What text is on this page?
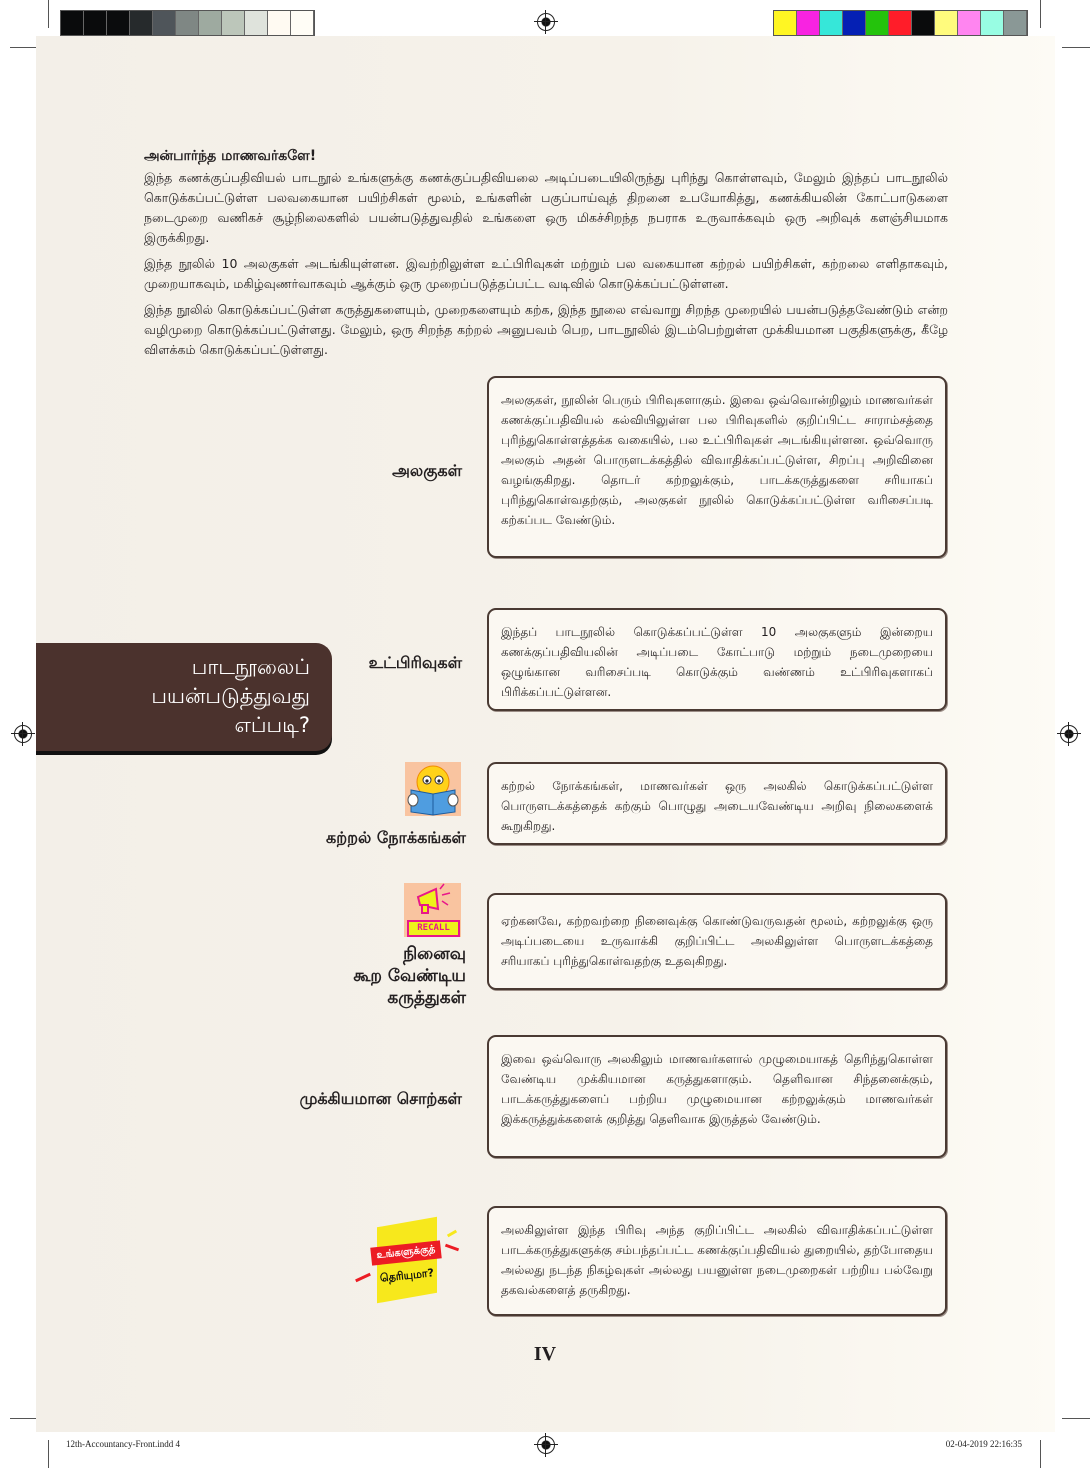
அன்பார்ந்த மாணவர்களே!

இந்த கணக்குப்பதிவியல் பாடநூல் உங்களுக்கு கணக்குப்பதிவியலை அடிப்படையிலிருந்து புரிந்து கொள்ளவும், மேலும் இந்தப் பாடநூலில் கொடுக்கப்பட்டுள்ள பலவகையான பயிற்சிகள் மூலம், உங்களின் பகுப்பாய்வுத் திறனை உபயோகித்து, கணக்கியலின் கோட்பாடுகளை நடைமுறை வணிகச் சூழ்நிலைகளில் பயன்படுத்துவதில் உங்களை ஒரு மிகச்சிறந்த நபராக உருவாக்கவும் ஒரு அறிவுக் களஞ்சியமாக இருக்கிறது.

இந்த நூலில் 10 அலகுகள் அடங்கியுள்ளன. இவற்றிலுள்ள உட்பிரிவுகள் மற்றும் பல வகையான கற்றல் பயிற்சிகள், கற்றலை எளிதாகவும், முறையாகவும், மகிழ்வுணர்வாகவும் ஆக்கும் ஒரு முறைப்படுத்தப்பட்ட வடிவில் கொடுக்கப்பட்டுள்ளன.

இந்த நூலில் கொடுக்கப்பட்டுள்ள கருத்துகளையும், முறைகளையும் கற்க, இந்த நூலை எவ்வாறு சிறந்த முறையில் பயன்படுத்தவேண்டும் என்ற வழிமுறை கொடுக்கப்பட்டுள்ளது. மேலும், ஒரு சிறந்த கற்றல் அனுபவம் பெற, பாடநூலில் இடம்பெற்றுள்ள முக்கியமான பகுதிகளுக்கு, கீழே விளக்கம் கொடுக்கப்பட்டுள்ளது.

பாடநூலைப்
பயன்படுத்துவது
எப்படி?
அலகுகள்
அலகுகள், நூலின் பெரும் பிரிவுகளாகும். இவை ஒவ்வொன்றிலும் மாணவர்கள் கணக்குப்பதிவியல் கல்வியிலுள்ள பல பிரிவுகளில் குறிப்பிட்ட சாராம்சத்தை புரிந்துகொள்ளத்தக்க வகையில், பல உட்பிரிவுகள் அடங்கியுள்ளன. ஒவ்வொரு அலகும் அதன் பொருளடக்கத்தில் விவாதிக்கப்பட்டுள்ள, சிறப்பு அறிவினை வழங்குகிறது. தொடர் கற்றலுக்கும், பாடக்கருத்துகளை சரியாகப் புரிந்துகொள்வதற்கும், அலகுகள் நூலில் கொடுக்கப்பட்டுள்ள வரிசைப்படி கற்கப்பட வேண்டும்.
உட்பிரிவுகள்
இந்தப் பாடநூலில் கொடுக்கப்பட்டுள்ள 10 அலகுகளும் இன்றைய கணக்குப்பதிவியலின் அடிப்படை கோட்பாடு மற்றும் நடைமுறையை ஒழுங்கான வரிசைப்படி கொடுக்கும் வண்ணம் உட்பிரிவுகளாகப் பிரிக்கப்பட்டுள்ளன.
கற்றல் நோக்கங்கள்
கற்றல் நோக்கங்கள், மாணவர்கள் ஒரு அலகில் கொடுக்கப்பட்டுள்ள பொருளடக்கத்தைக் கற்கும் பொழுது அடையவேண்டிய அறிவு நிலைகளைக் கூறுகிறது.
RECALL
நினைவு
கூற வேண்டிய
கருத்துகள்
ஏற்கனவே, கற்றவற்றை நினைவுக்கு கொண்டுவருவதன் மூலம், கற்றலுக்கு ஒரு அடிப்படையை உருவாக்கி குறிப்பிட்ட அலகிலுள்ள பொருளடக்கத்தை சரியாகப் புரிந்துகொள்வதற்கு உதவுகிறது.
முக்கியமான சொற்கள்
இவை ஒவ்வொரு அலகிலும் மாணவர்களால் முழுமையாகத் தெரிந்துகொள்ள வேண்டிய முக்கியமான கருத்துகளாகும். தெளிவான சிந்தனைக்கும், பாடக்கருத்துகளைப் பற்றிய முழுமையான கற்றலுக்கும் மாணவர்கள் இக்கருத்துக்களைக் குறித்து தெளிவாக இருத்தல் வேண்டும்.
உங்களுக்குத்
தெரியுமா?
அலகிலுள்ள இந்த பிரிவு அந்த குறிப்பிட்ட அலகில் விவாதிக்கப்பட்டுள்ள பாடக்கருத்துகளுக்கு சம்பந்தப்பட்ட கணக்குப்பதிவியல் துறையில், தற்போதைய அல்லது நடந்த நிகழ்வுகள் அல்லது பயனுள்ள நடைமுறைகள் பற்றிய பல்வேறு தகவல்களைத் தருகிறது.
IV
12th-Accountancy-Front.indd 4	02-04-2019 22:16:35
